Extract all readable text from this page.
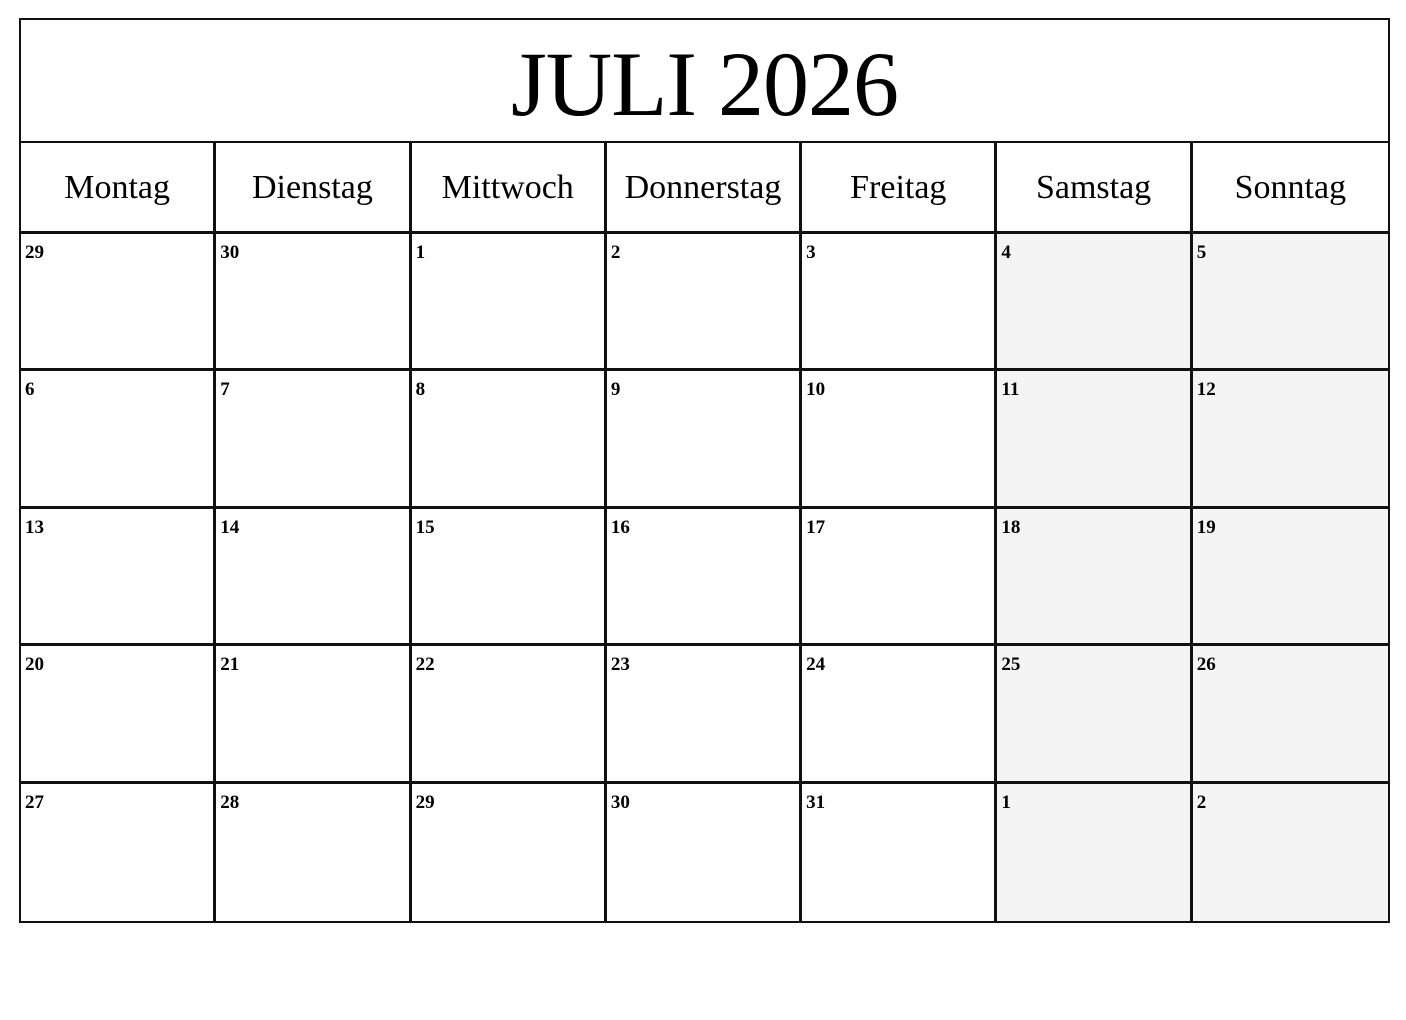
JULI 2026
Montag	Dienstag	Mittwoch	Donnerstag	Freitag	Samstag	Sonntag
29	30	1	2	3	4	5
6	7	8	9	10	11	12
13	14	15	16	17	18	19
20	21	22	23	24	25	26
27	28	29	30	31	1	2
